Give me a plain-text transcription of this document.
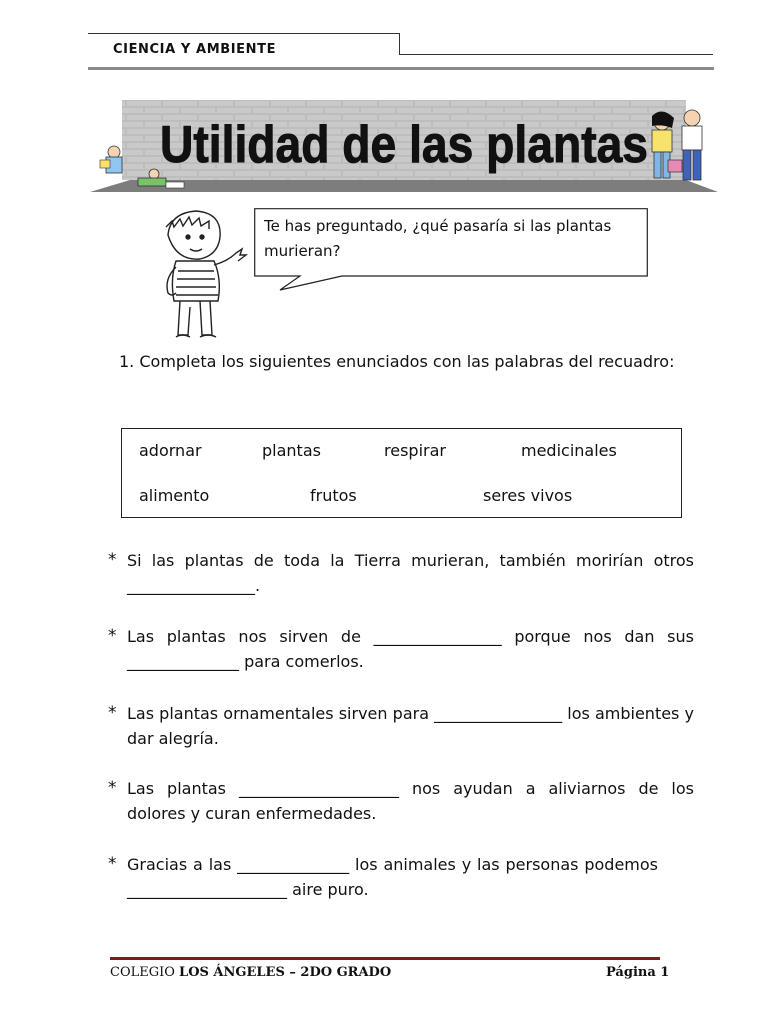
CIENCIA Y AMBIENTE
Utilidad de las plantas
Te has preguntado, ¿qué pasaría si las plantas murieran?
1. Completa los siguientes enunciados con las palabras del recuadro:
adornar	plantas	respirar	medicinales
alimento	frutos	seres vivos
* Si las plantas de toda la Tierra murieran, también morirían otros ________________.
* Las plantas nos sirven de ________________ porque nos dan sus ______________ para comerlos.
* Las plantas ornamentales sirven para ________________ los ambientes y dar alegría.
* Las plantas ____________________ nos ayudan a aliviarnos de los dolores y curan enfermedades.
* Gracias a las ______________ los animales y las personas podemos ____________________ aire puro.
COLEGIO LOS ÁNGELES – 2DO GRADO	Página 1
